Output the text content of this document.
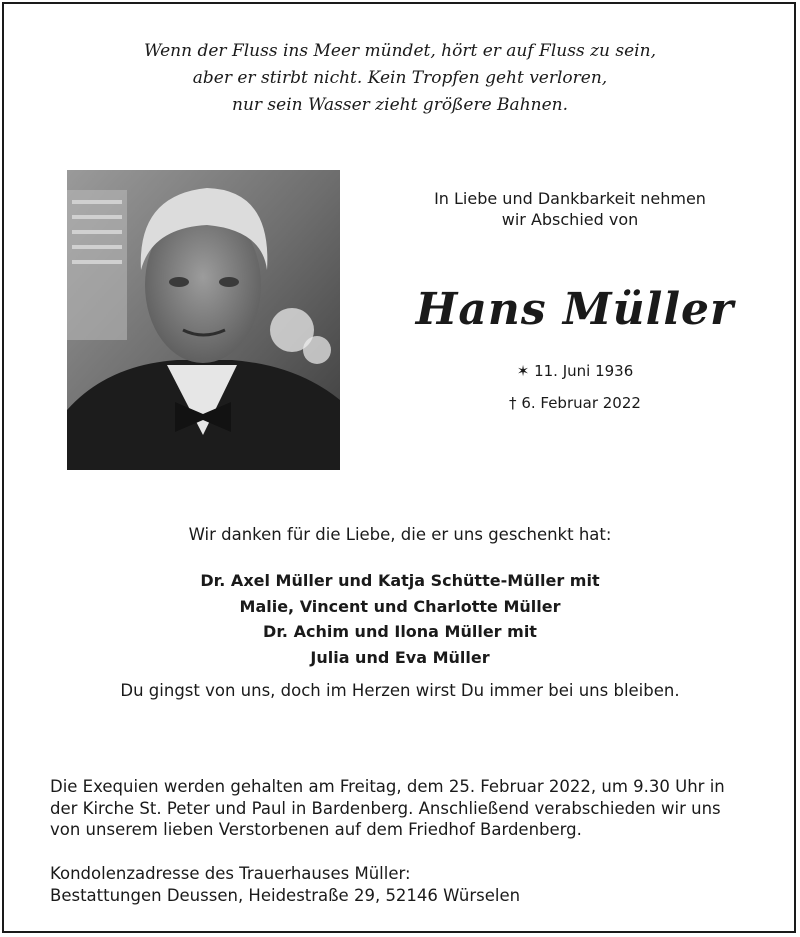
Wenn der Fluss ins Meer mündet, hört er auf Fluss zu sein,
aber er stirbt nicht. Kein Tropfen geht verloren,
nur sein Wasser zieht größere Bahnen.
In Liebe und Dankbarkeit nehmen
wir Abschied von
Hans Müller
✶ 11. Juni 1936
† 6. Februar 2022
Wir danken für die Liebe, die er uns geschenkt hat:
Dr. Axel Müller und Katja Schütte-Müller mit
Malie, Vincent und Charlotte Müller
Dr. Achim und Ilona Müller mit
Julia und Eva Müller
Du gingst von uns, doch im Herzen wirst Du immer bei uns bleiben.
Die Exequien werden gehalten am Freitag, dem 25. Februar 2022, um 9.30 Uhr in
der Kirche St. Peter und Paul in Bardenberg. Anschließend verabschieden wir uns
von unserem lieben Verstorbenen auf dem Friedhof Bardenberg.
Kondolenzadresse des Trauerhauses Müller:
Bestattungen Deussen, Heidestraße 29, 52146 Würselen
